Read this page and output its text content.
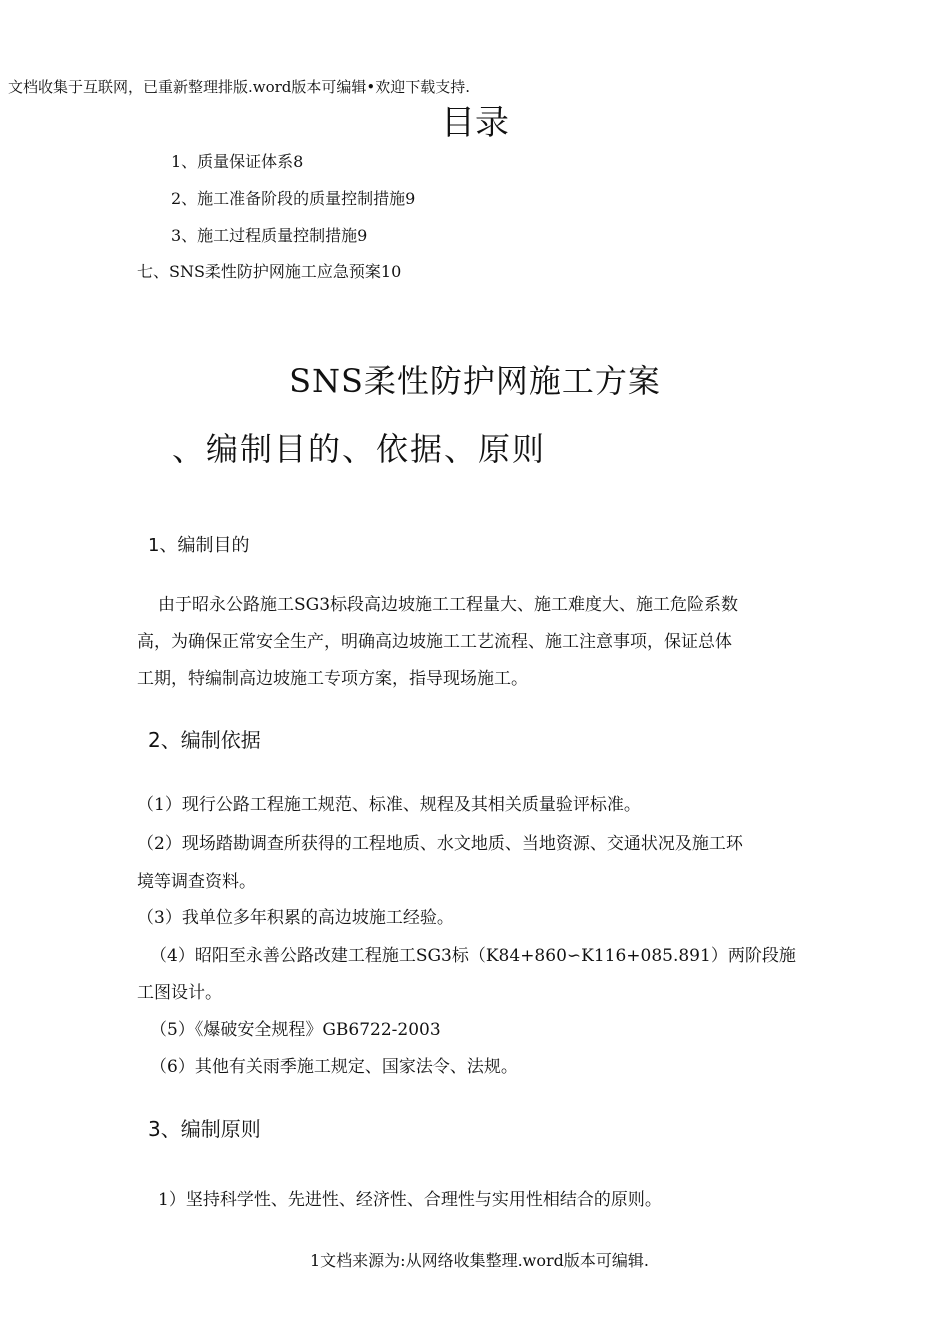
文档收集于互联网，已重新整理排版.word版本可编辑•欢迎下载支持.
目录
1、质量保证体系8
2、施工准备阶段的质量控制措施9
3、施工过程质量控制措施9
七、SNS柔性防护网施工应急预案10
SNS柔性防护网施工方案
、编制目的、依据、原则
1、编制目的
由于昭永公路施工SG3标段高边坡施工工程量大、施工难度大、施工危险系数
高，为确保正常安全生产，明确高边坡施工工艺流程、施工注意事项，保证总体
工期，特编制高边坡施工专项方案，指导现场施工。
2、编制依据
（1）现行公路工程施工规范、标准、规程及其相关质量验评标准。
（2）现场踏勘调查所获得的工程地质、水文地质、当地资源、交通状况及施工环
境等调查资料。
（3）我单位多年积累的高边坡施工经验。
（4）昭阳至永善公路改建工程施工SG3标（K84+860∽K116+085.891）两阶段施
工图设计。
（5）《爆破安全规程》GB6722-2003
（6）其他有关雨季施工规定、国家法令、法规。
3、编制原则
1）坚持科学性、先进性、经济性、合理性与实用性相结合的原则。
1文档来源为:从网络收集整理.word版本可编辑.
